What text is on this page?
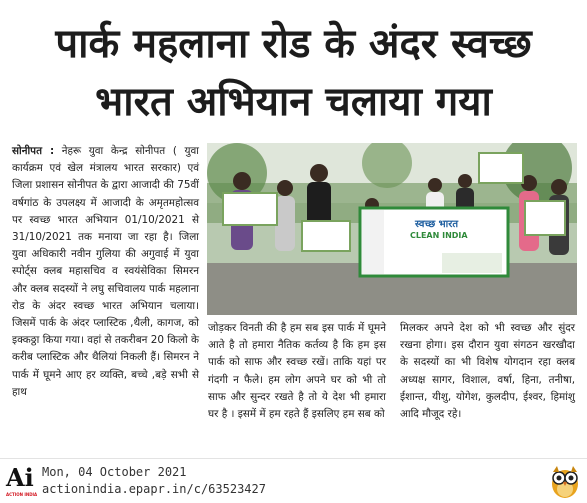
पार्क महलाना रोड के अंदर स्वच्छ
भारत अभियान चलाया गया

सोनीपत : नेहरू युवा केन्द्र सोनीपत ( युवा कार्यक्रम एवं खेल मंत्रालय भारत सरकार) एवं जिला प्रशासन सोनीपत के द्वारा आजादी की 75वीं वर्षगांठ के उपलक्ष्य में आजादी के अमृतमहोत्सव पर स्वच्छ भारत अभियान 01/10/2021 से 31/10/2021 तक मनाया जा रहा है। जिला युवा अधिकारी नवीन गुलिया की अगुवाई में युवा स्पोर्ट्स क्लब महासचिव व स्वयंसेविका सिमरन और क्लब सदस्यों ने लघु सचिवालय पार्क महलाना रोड के अंदर स्वच्छ भारत अभियान चलाया। जिसमें पार्क के अंदर प्लास्टिक ,थैली, कागज, को इक्कठ्ठा किया गया। वहां से तकरीबन 20 किलो के करीब प्लास्टिक और थैलियां निकली हैं। सिमरन ने पार्क में घूमने आए हर व्यक्ति, बच्चे ,बड़े सभी से हाथ

स्वच्छ भारत
CLEAN INDIA

जोड़कर विनती की है हम सब इस पार्क में घूमने आते है तो हमारा नैतिक कर्तव्य है कि हम इस पार्क को साफ और स्वच्छ रखें। ताकि यहां पर गंदगी न फैले। हम लोग अपने घर को भी तो साफ और सुन्दर रखते है तो ये देश भी हमारा घर है । इसमें में हम रहते हैं इसलिए हम सब को

मिलकर अपने देश को भी स्वच्छ और सुंदर रखना होगा। इस दौरान युवा संगठन खरखौदा के सदस्यों का भी विशेष योगदान रहा क्लब अध्यक्ष सागर, विशाल, वर्षा, हिना, तनीषा, ईशान्त, यीशु, योगेश, कुलदीप, ईश्वर, हिमांशु आदि मौजूद रहे।

Ai
ACTION INDIA
Mon, 04 October 2021
actionindia.epapr.in/c/63523427
